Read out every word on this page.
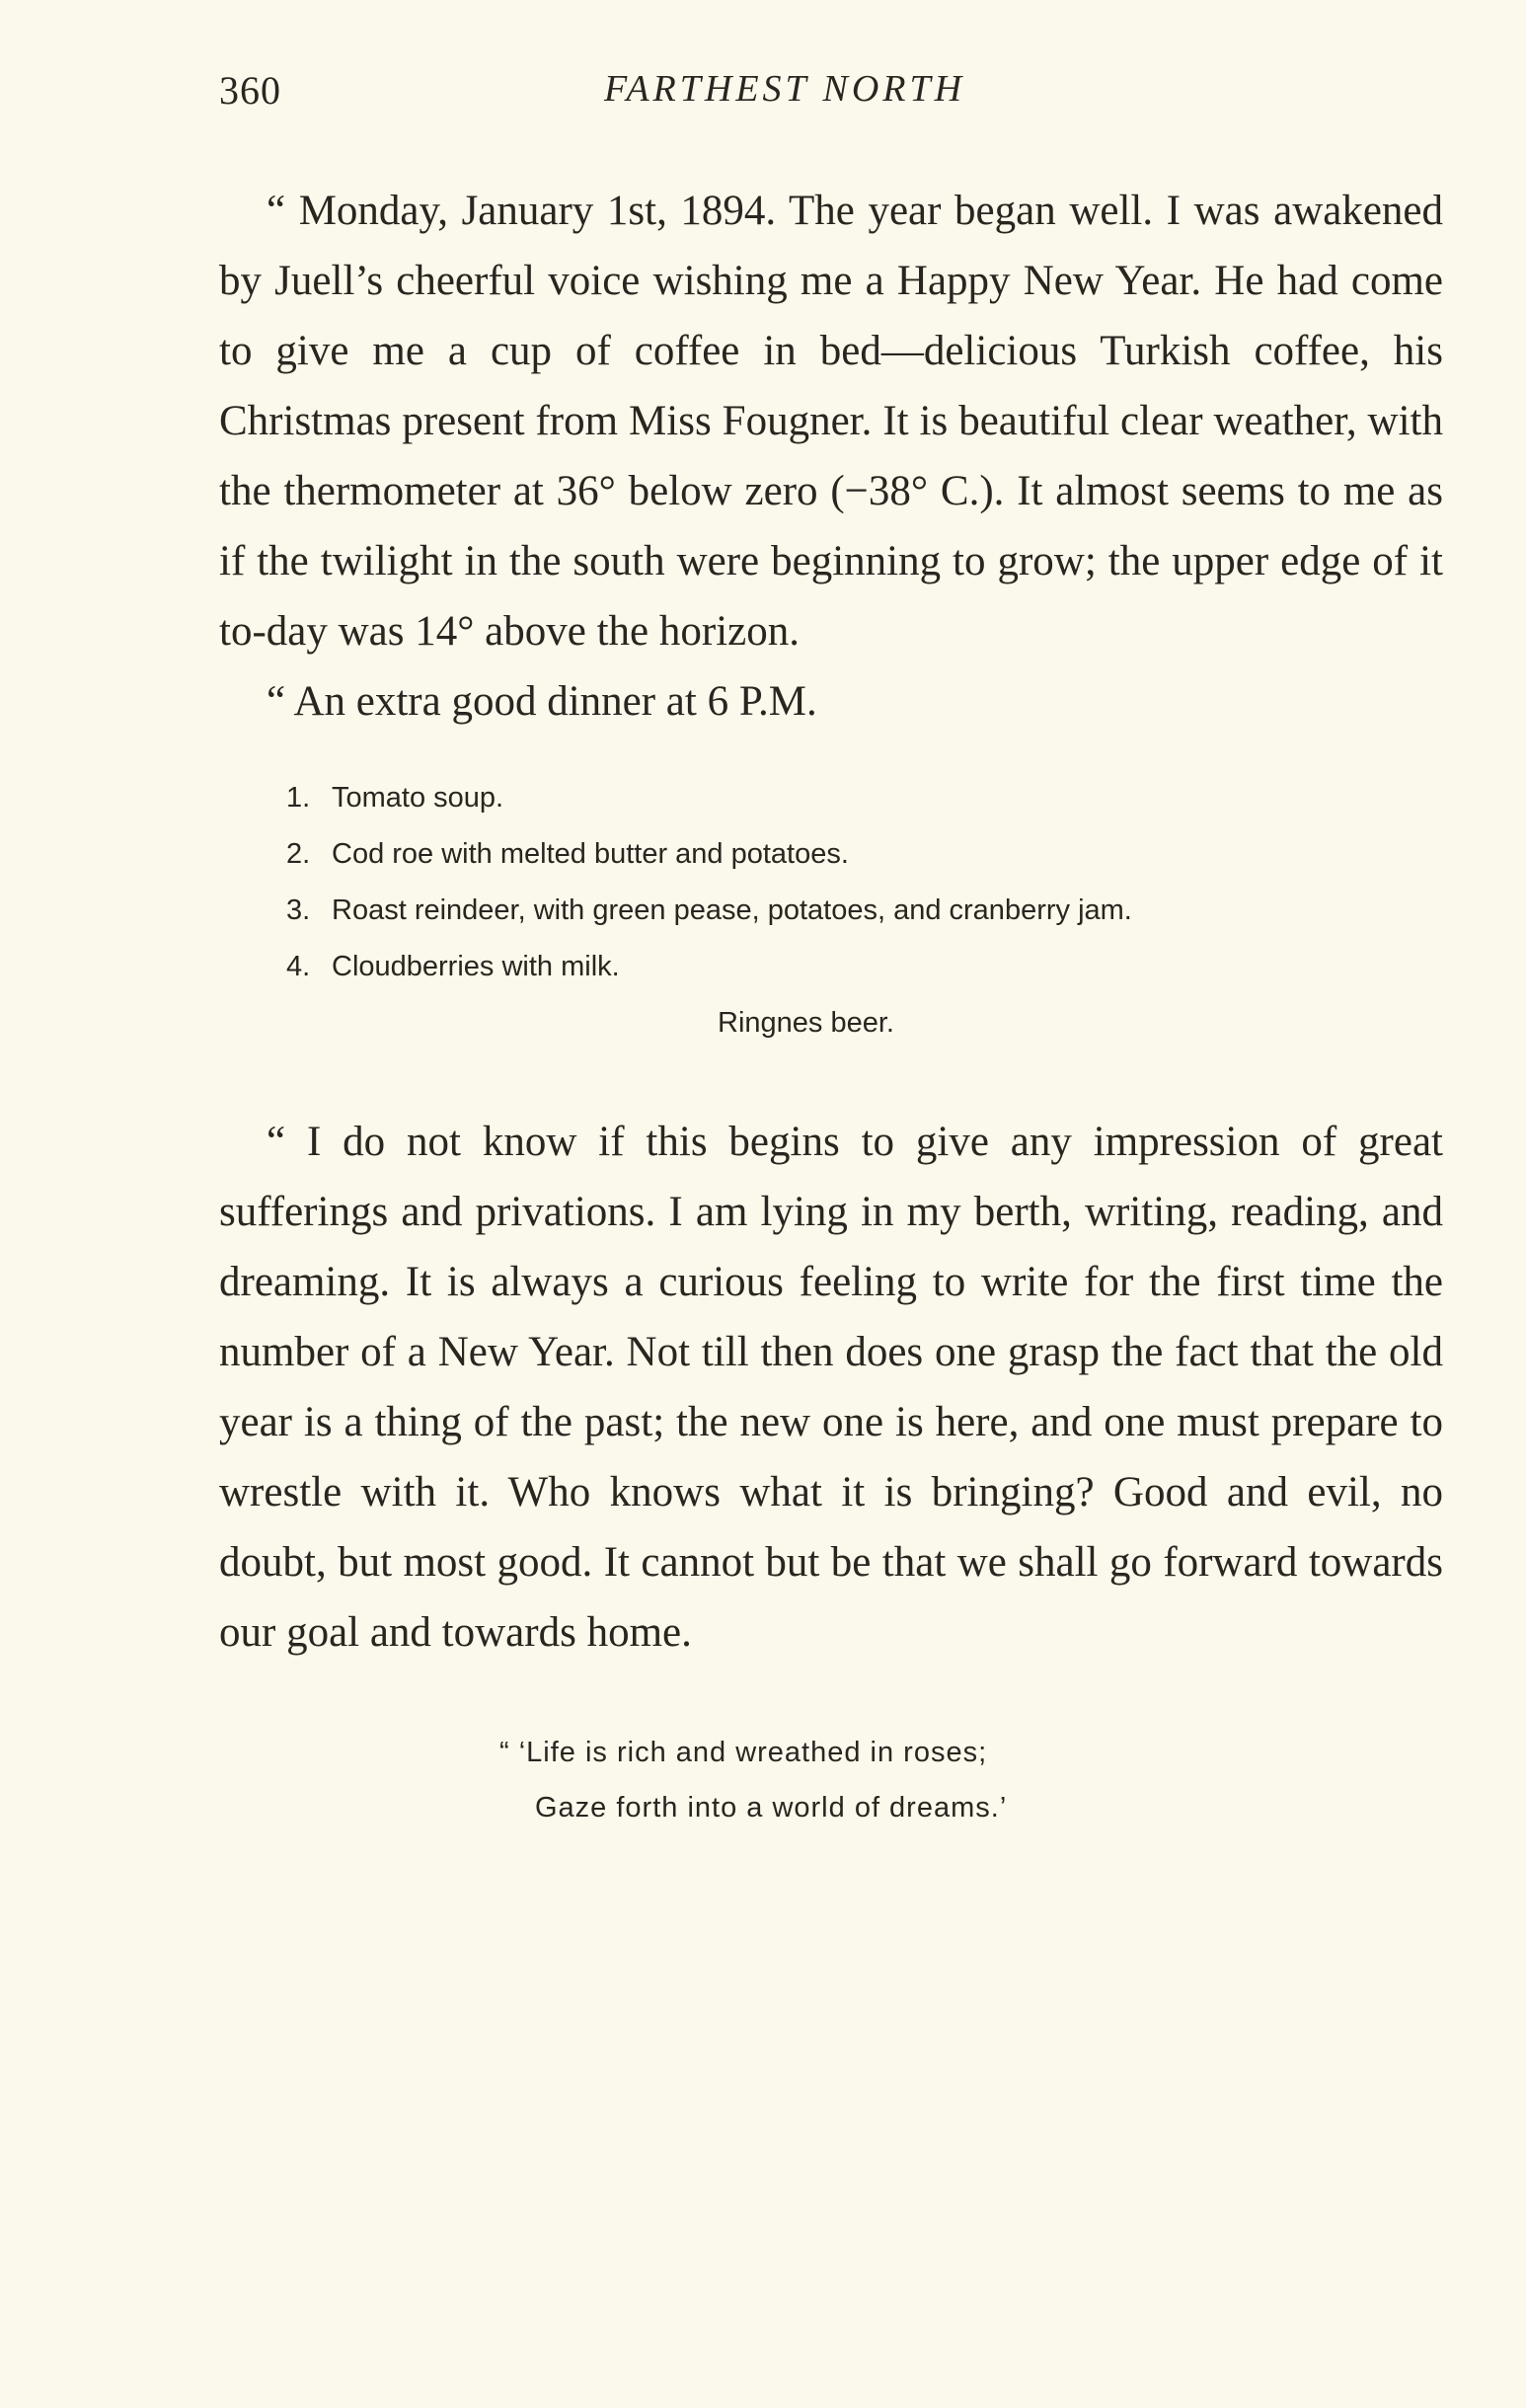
360	FARTHEST NORTH

“ Monday, January 1st, 1894. The year began well. I was awakened by Juell’s cheerful voice wishing me a Happy New Year. He had come to give me a cup of coffee in bed—delicious Turkish coffee, his Christmas present from Miss Fougner. It is beautiful clear weather, with the thermometer at 36° below zero (−38° C.). It almost seems to me as if the twilight in the south were beginning to grow; the upper edge of it to-day was 14° above the horizon.

“ An extra good dinner at 6 P.M.

1. Tomato soup.
2. Cod roe with melted butter and potatoes.
3. Roast reindeer, with green pease, potatoes, and cranberry jam.
4. Cloudberries with milk.
Ringnes beer.

“ I do not know if this begins to give any impression of great sufferings and privations. I am lying in my berth, writing, reading, and dreaming. It is always a curious feeling to write for the first time the number of a New Year. Not till then does one grasp the fact that the old year is a thing of the past; the new one is here, and one must prepare to wrestle with it. Who knows what it is bringing? Good and evil, no doubt, but most good. It cannot but be that we shall go forward towards our goal and towards home.

“ ‘Life is rich and wreathed in roses;
Gaze forth into a world of dreams.’
